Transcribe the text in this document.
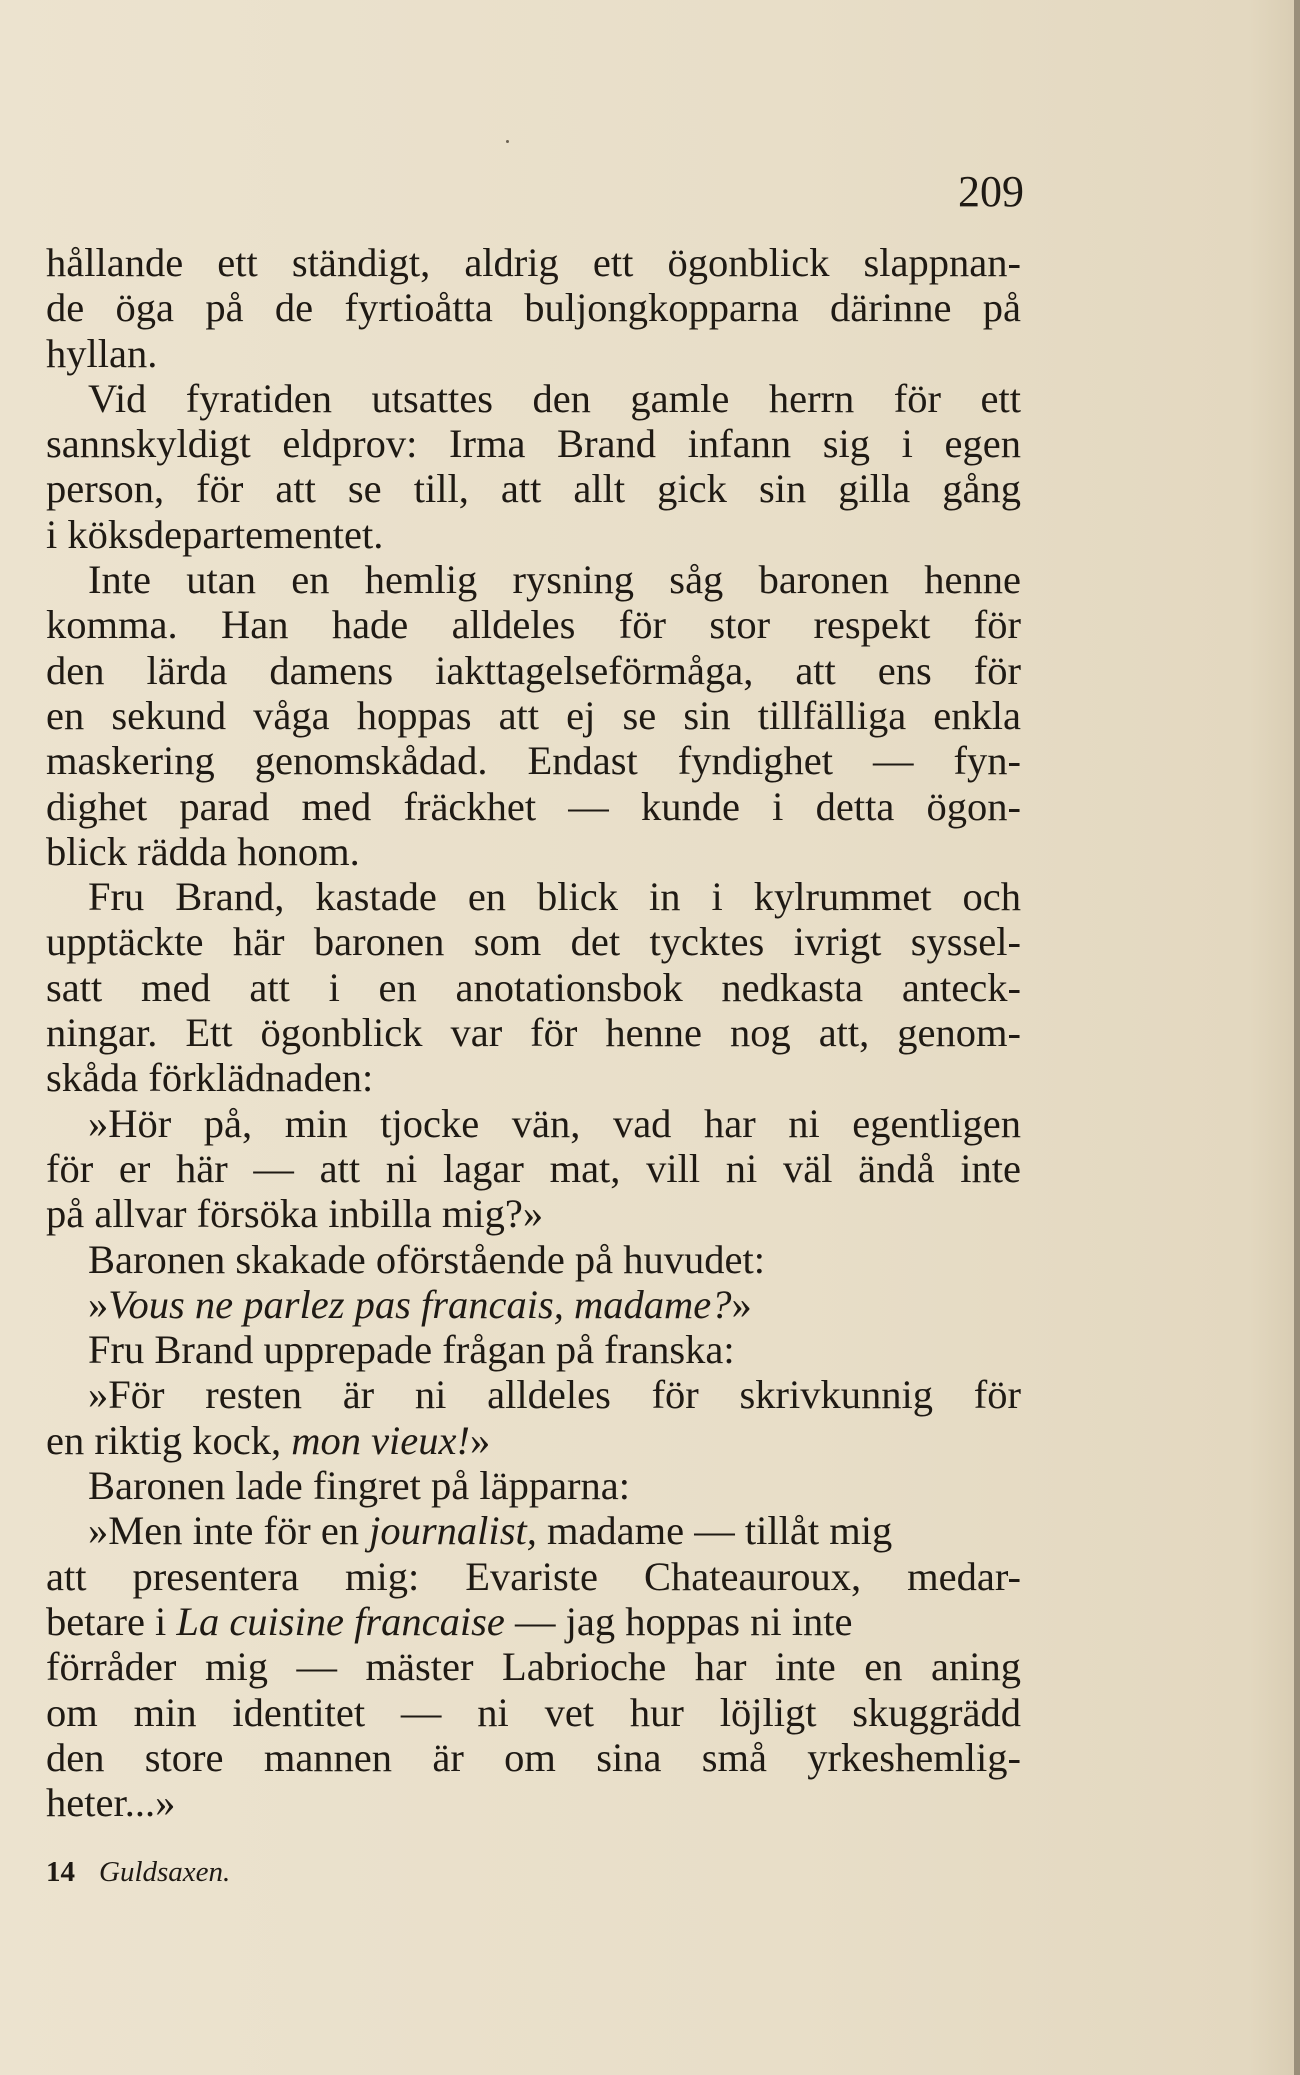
209
hållande ett ständigt, aldrig ett ögonblick slappnan-
de öga på de fyrtioåtta buljongkopparna därinne på
hyllan.
Vid fyratiden utsattes den gamle herrn för ett
sannskyldigt eldprov: Irma Brand infann sig i egen
person, för att se till, att allt gick sin gilla gång
i köksdepartementet.
Inte utan en hemlig rysning såg baronen henne
komma. Han hade alldeles för stor respekt för
den lärda damens iakttagelseförmåga, att ens för
en sekund våga hoppas att ej se sin tillfälliga enkla
maskering genomskådad. Endast fyndighet — fyn-
dighet parad med fräckhet — kunde i detta ögon-
blick rädda honom.
Fru Brand, kastade en blick in i kylrummet och
upptäckte här baronen som det tycktes ivrigt syssel-
satt med att i en anotationsbok nedkasta anteck-
ningar. Ett ögonblick var för henne nog att, genom-
skåda förklädnaden:
»Hör på, min tjocke vän, vad har ni egentligen
för er här — att ni lagar mat, vill ni väl ändå inte
på allvar försöka inbilla mig?»
Baronen skakade oförstående på huvudet:
»Vous ne parlez pas francais, madame?»
Fru Brand upprepade frågan på franska:
»För resten är ni alldeles för skrivkunnig för
en riktig kock, mon vieux!»
Baronen lade fingret på läpparna:
»Men inte för en journalist, madame — tillåt mig
att presentera mig: Evariste Chateauroux, medar-
betare i La cuisine francaise — jag hoppas ni inte
förråder mig — mäster Labrioche har inte en aning
om min identitet — ni vet hur löjligt skuggrädd
den store mannen är om sina små yrkeshemlig-
heter...»
14 Guldsaxen.
